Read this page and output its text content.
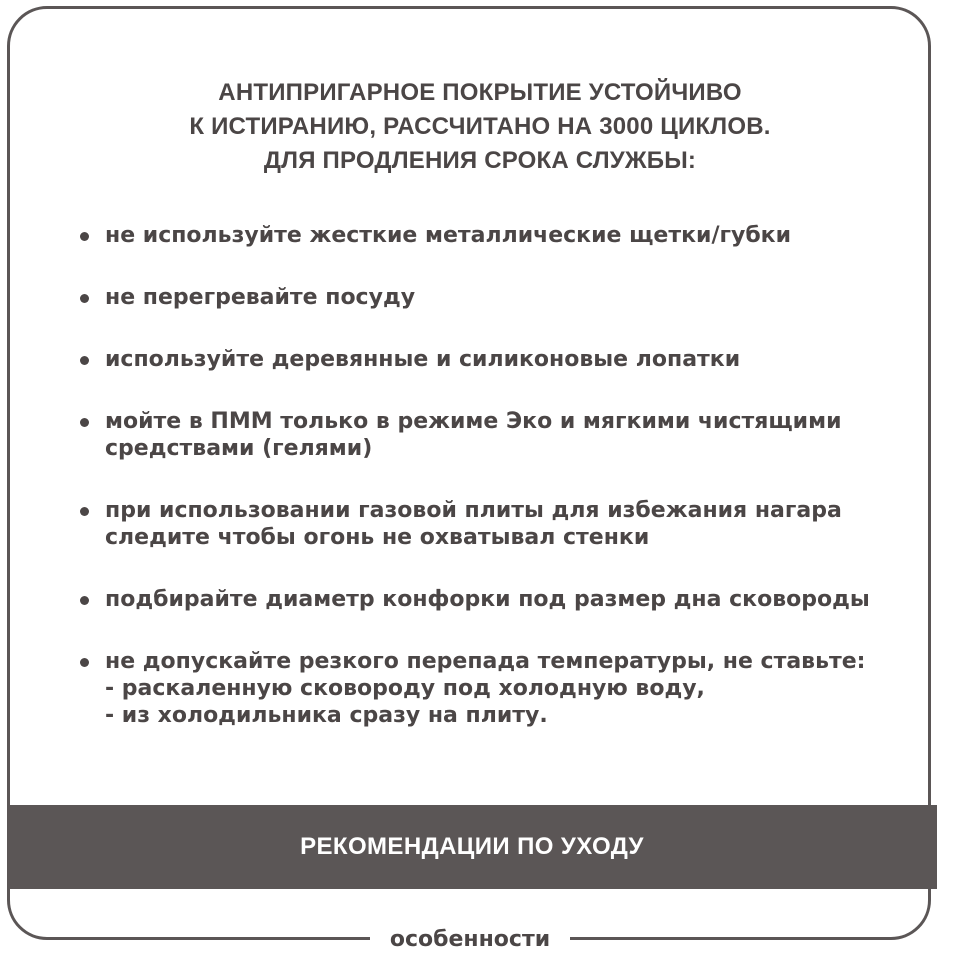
АНТИПРИГАРНОЕ ПОКРЫТИЕ УСТОЙЧИВО
К ИСТИРАНИЮ, РАССЧИТАНО НА 3000 ЦИКЛОВ.
ДЛЯ ПРОДЛЕНИЯ СРОКА СЛУЖБЫ:
не используйте жесткие металлические щетки/губки
не перегревайте посуду
используйте деревянные и силиконовые лопатки
мойте в ПММ только в режиме Эко и мягкими чистящими
средствами (гелями)
при использовании газовой плиты для избежания нагара
следите чтобы огонь не охватывал стенки
подбирайте диаметр конфорки под размер дна сковороды
не допускайте резкого перепада температуры, не ставьте:
- раскаленную сковороду под холодную воду,
- из холодильника сразу на плиту.
РЕКОМЕНДАЦИИ ПО УХОДУ
особенности
